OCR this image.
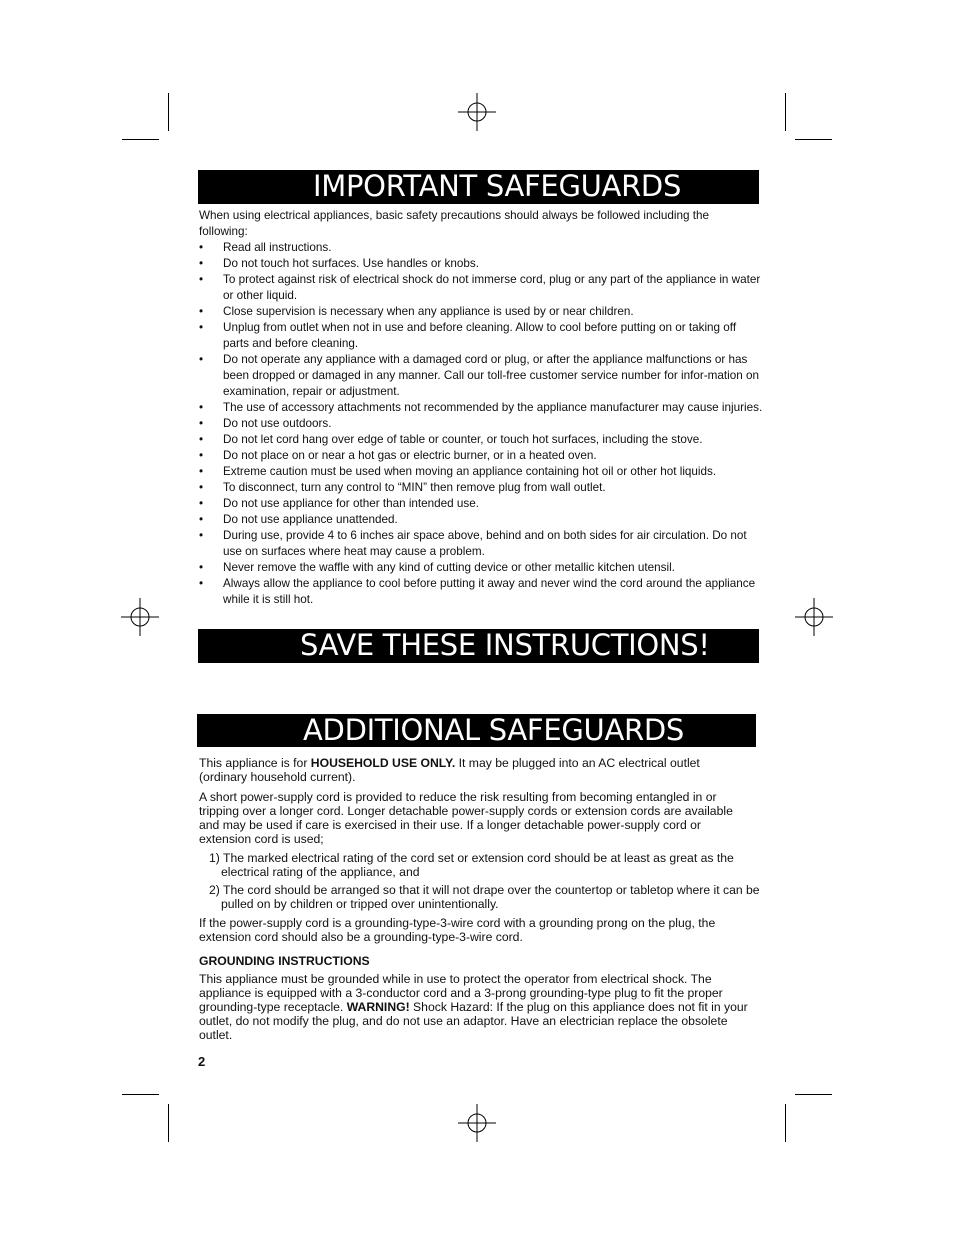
IMPORTANT SAFEGUARDS

When using electrical appliances, basic safety precautions should always be followed including the following:

• Read all instructions.
• Do not touch hot surfaces. Use handles or knobs.
• To protect against risk of electrical shock do not immerse cord, plug or any part of the appliance in water or other liquid.
• Close supervision is necessary when any appliance is used by or near children.
• Unplug from outlet when not in use and before cleaning. Allow to cool before putting on or taking off parts and before cleaning.
• Do not operate any appliance with a damaged cord or plug, or after the appliance malfunctions or has been dropped or damaged in any manner. Call our toll-free customer service number for infor-mation on examination, repair or adjustment.
• The use of accessory attachments not recommended by the appliance manufacturer may cause injuries.
• Do not use outdoors.
• Do not let cord hang over edge of table or counter, or touch hot surfaces, including the stove.
• Do not place on or near a hot gas or electric burner, or in a heated oven.
• Extreme caution must be used when moving an appliance containing hot oil or other hot liquids.
• To disconnect, turn any control to “MIN” then remove plug from wall outlet.
• Do not use appliance for other than intended use.
• Do not use appliance unattended.
• During use, provide 4 to 6 inches air space above, behind and on both sides for air circulation. Do not use on surfaces where heat may cause a problem.
• Never remove the waffle with any kind of cutting device or other metallic kitchen utensil.
• Always allow the appliance to cool before putting it away and never wind the cord around the appliance while it is still hot.
SAVE THESE INSTRUCTIONS!
ADDITIONAL SAFEGUARDS

This appliance is for HOUSEHOLD USE ONLY. It may be plugged into an AC electrical outlet (ordinary household current).

A short power-supply cord is provided to reduce the risk resulting from becoming entangled in or tripping over a longer cord. Longer detachable power-supply cords or extension cords are available and may be used if care is exercised in their use. If a longer detachable power-supply cord or extension cord is used;

1) The marked electrical rating of the cord set or extension cord should be at least as great as the electrical rating of the appliance, and

2) The cord should be arranged so that it will not drape over the countertop or tabletop where it can be pulled on by children or tripped over unintentionally.

If the power-supply cord is a grounding-type-3-wire cord with a grounding prong on the plug, the extension cord should also be a grounding-type-3-wire cord.

GROUNDING INSTRUCTIONS

This appliance must be grounded while in use to protect the operator from electrical shock. The appliance is equipped with a 3-conductor cord and a 3-prong grounding-type plug to fit the proper grounding-type receptacle. WARNING! Shock Hazard: If the plug on this appliance does not fit in your outlet, do not modify the plug, and do not use an adaptor. Have an electrician replace the obsolete outlet.

2
